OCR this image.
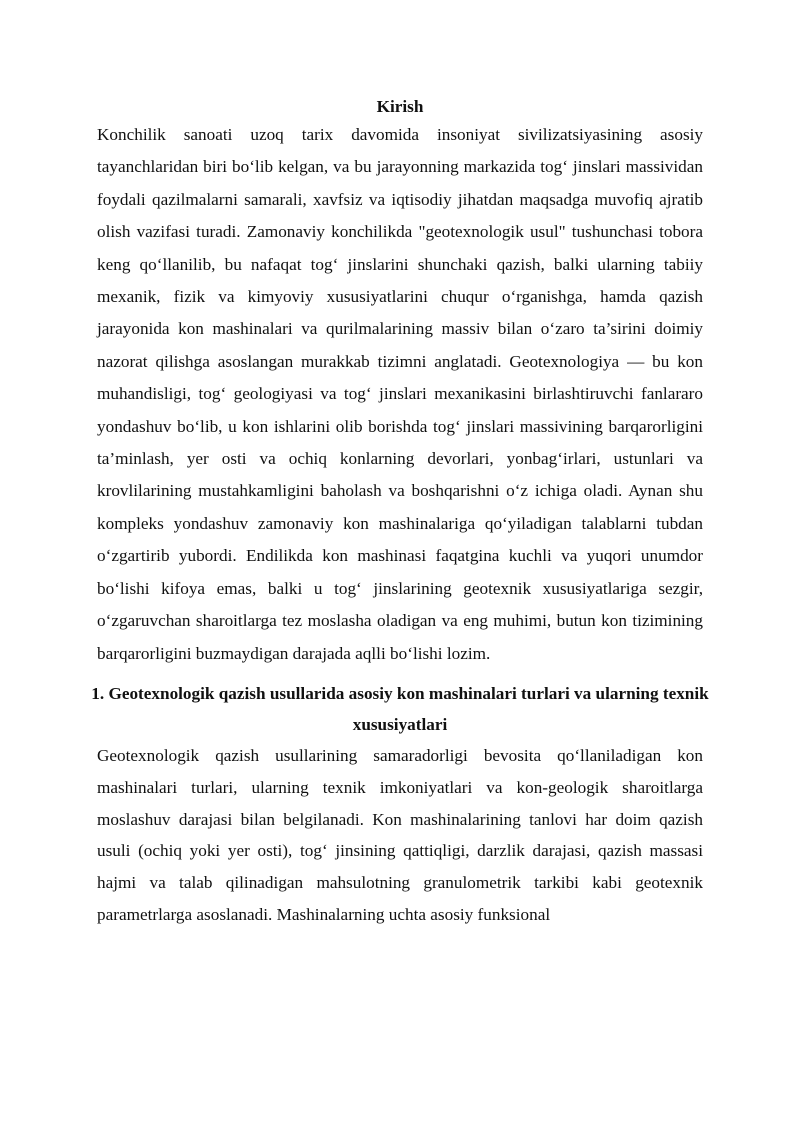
Kirish

Konchilik sanoati uzoq tarix davomida insoniyat sivilizatsiyasining asosiy tayanchlaridan biri bo‘lib kelgan, va bu jarayonning markazida tog‘ jinslari massividan foydali qazilmalarni samarali, xavfsiz va iqtisodiy jihatdan maqsadga muvofiq ajratib olish vazifasi turadi. Zamonaviy konchilikda "geotexnologik usul" tushunchasi tobora keng qo‘llanilib, bu nafaqat tog‘ jinslarini shunchaki qazish, balki ularning tabiiy mexanik, fizik va kimyoviy xususiyatlarini chuqur o‘rganishga, hamda qazish jarayonida kon mashinalari va qurilmalarining massiv bilan o‘zaro ta’sirini doimiy nazorat qilishga asoslangan murakkab tizimni anglatadi. Geotexnologiya — bu kon muhandisligi, tog‘ geologiyasi va tog‘ jinslari mexanikasini birlashtiruvchi fanlararo yondashuv bo‘lib, u kon ishlarini olib borishda tog‘ jinslari massivining barqarorligini ta’minlash, yer osti va ochiq konlarning devorlari, yonbag‘irlari, ustunlari va krovlilarining mustahkamligini baholash va boshqarishni o‘z ichiga oladi. Aynan shu kompleks yondashuv zamonaviy kon mashinalariga qo‘yiladigan talablarni tubdan o‘zgartirib yubordi. Endilikda kon mashinasi faqatgina kuchli va yuqori unumdor bo‘lishi kifoya emas, balki u tog‘ jinslarining geotexnik xususiyatlariga sezgir, o‘zgaruvchan sharoitlarga tez moslasha oladigan va eng muhimi, butun kon tizimining barqarorligini buzmaydigan darajada aqlli bo‘lishi lozim.

1. Geotexnologik qazish usullarida asosiy kon mashinalari turlari va ularning texnik xususiyatlari

Geotexnologik qazish usullarining samaradorligi bevosita qo‘llaniladigan kon mashinalari turlari, ularning texnik imkoniyatlari va kon-geologik sharoitlarga moslashuv darajasi bilan belgilanadi. Kon mashinalarining tanlovi har doim qazish usuli (ochiq yoki yer osti), tog‘ jinsining qattiqligi, darzlik darajasi, qazish massasi hajmi va talab qilinadigan mahsulotning granulometrik tarkibi kabi geotexnik parametrlarga asoslanadi. Mashinalarning uchta asosiy funksional
